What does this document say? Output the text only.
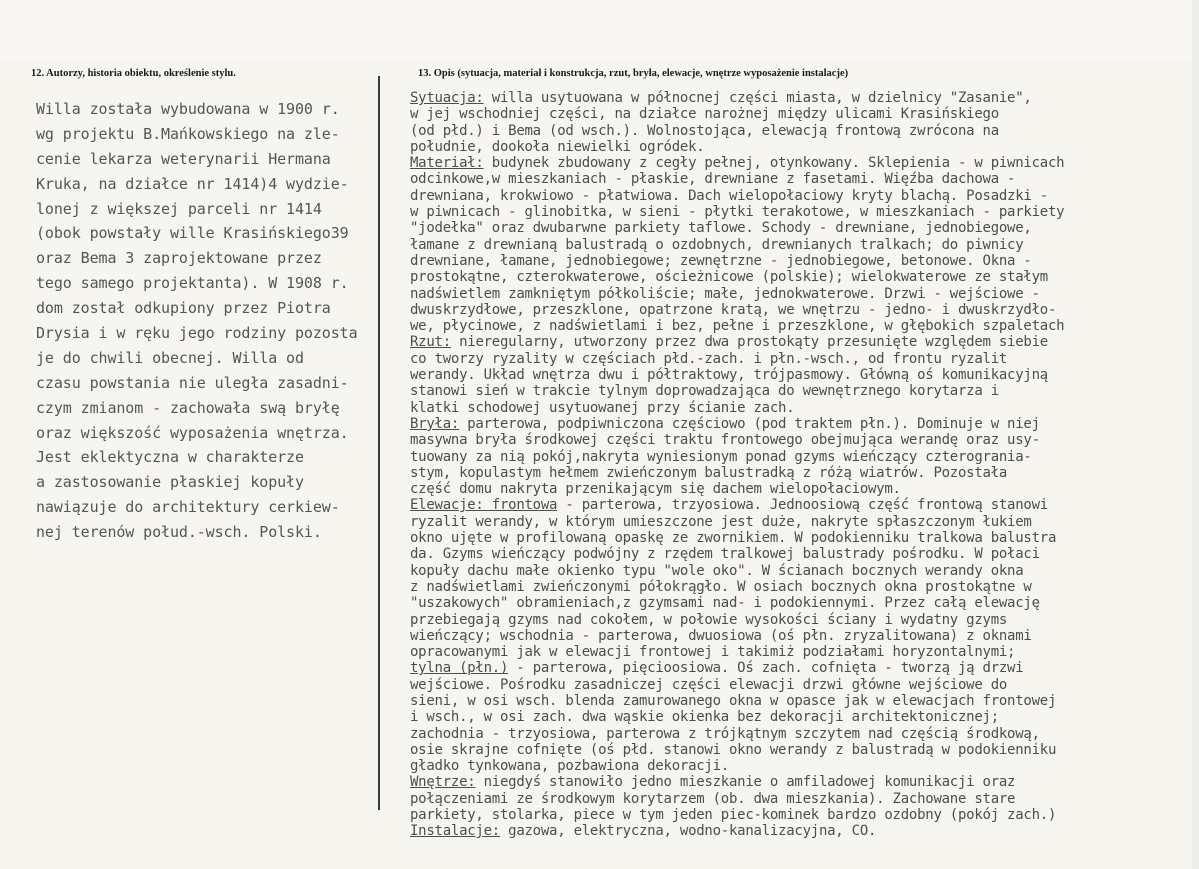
12. Autorzy, historia obiektu, określenie stylu.	13. Opis (sytuacja, materiał i konstrukcja, rzut, bryła, elewacje, wnętrze wyposażenie instalacje)
Willa została wybudowana w 1900 r.
wg projektu B.Mańkowskiego na zle-
cenie lekarza weterynarii Hermana
Kruka, na działce nr 1414)4 wydzie-
lonej z większej parceli nr 1414
(obok powstały wille Krasińskiego39
oraz Bema 3 zaprojektowane przez
tego samego projektanta). W 1908 r.
dom został odkupiony przez Piotra
Drysia i w ręku jego rodziny pozosta
je do chwili obecnej. Willa od
czasu powstania nie uległa zasadni-
czym zmianom - zachowała swą bryłę
oraz większość wyposażenia wnętrza.
Jest eklektyczna w charakterze
a zastosowanie płaskiej kopuły
nawiązuje do architektury cerkiew-
nej terenów połud.-wsch. Polski.
Sytuacja: willa usytuowana w północnej części miasta, w dzielnicy "Zasanie",
w jej wschodniej części, na działce narożnej między ulicami Krasińskiego
(od płd.) i Bema (od wsch.). Wolnostojąca, elewacją frontową zwrócona na
południe, dookoła niewielki ogródek.
Materiał: budynek zbudowany z cegły pełnej, otynkowany. Sklepienia - w piwnicach
odcinkowe,w mieszkaniach - płaskie, drewniane z fasetami. Więźba dachowa -
drewniana, krokwiowo - płatwiowa. Dach wielopołaciowy kryty blachą. Posadzki -
w piwnicach - glinobitka, w sieni - płytki terakotowe, w mieszkaniach - parkiety
"jodełka" oraz dwubarwne parkiety taflowe. Schody - drewniane, jednobiegowe,
łamane z drewnianą balustradą o ozdobnych, drewnianych tralkach; do piwnicy
drewniane, łamane, jednobiegowe; zewnętrzne - jednobiegowe, betonowe. Okna -
prostokątne, czterokwaterowe, ościeżnicowe (polskie); wielokwaterowe ze stałym
nadświetlem zamkniętym półkoliście; małe, jednokwaterowe. Drzwi - wejściowe -
dwuskrzydłowe, przeszklone, opatrzone kratą, we wnętrzu - jedno- i dwuskrzydło-
we, płycinowe, z nadświetlami i bez, pełne i przeszklone, w głębokich szpaletach
Rzut: nieregularny, utworzony przez dwa prostokąty przesunięte względem siebie
co tworzy ryzality w częściach płd.-zach. i płn.-wsch., od frontu ryzalit
werandy. Układ wnętrza dwu i półtraktowy, trójpasmowy. Główną oś komunikacyjną
stanowi sień w trakcie tylnym doprowadzająca do wewnętrznego korytarza i
klatki schodowej usytuowanej przy ścianie zach.
Bryła: parterowa, podpiwniczona częściowo (pod traktem płn.). Dominuje w niej
masywna bryła środkowej części traktu frontowego obejmująca werandę oraz usy-
tuowany za nią pokój,nakryta wyniesionym ponad gzyms wieńczący czterograniа-
stym, kopulastym hełmem zwieńczonym balustradką z różą wiatrów. Pozostała
część domu nakryta przenikającym się dachem wielopołaciowym.
Elewacje: frontowa - parterowa, trzyosiowa. Jednoosiową część frontową stanowi
ryzalit werandy, w którym umieszczone jest duże, nakryte spłaszczonym łukiem
okno ujęte w profilowaną opaskę ze zwornikiem. W podokienniku tralkowa balustra
da. Gzyms wieńczący podwójny z rzędem tralkowej balustrady pośrodku. W połaci
kopuły dachu małe okienko typu "wole oko". W ścianach bocznych werandy okna
z nadświetlami zwieńczonymi półokrągło. W osiach bocznych okna prostokątne w
"uszakowych" obramieniach,z gzymsami nad- i podokiennymi. Przez całą elewację
przebiegają gzyms nad cokołem, w połowie wysokości ściany i wydatny gzyms
wieńczący; wschodnia - parterowa, dwuosiowa (oś płn. zryzalitowana) z oknami
opracowanymi jak w elewacji frontowej i takimiż podziałami horyzontalnymi;
tylna (płn.) - parterowa, pięcioosiowa. Oś zach. cofnięta - tworzą ją drzwi
wejściowe. Pośrodku zasadniczej części elewacji drzwi główne wejściowe do
sieni, w osi wsch. blenda zamurowanego okna w opasce jak w elewacjach frontowej
i wsch., w osi zach. dwa wąskie okienka bez dekoracji architektonicznej;
zachodnia - trzyosiowa, parterowa z trójkątnym szczytem nad częścią środkową,
osie skrajne cofnięte (oś płd. stanowi okno werandy z balustradą w podokienniku
gładko tynkowana, pozbawiona dekoracji.
Wnętrze: niegdyś stanowiło jedno mieszkanie o amfiladowej komunikacji oraz
połączeniami ze środkowym korytarzem (ob. dwa mieszkania). Zachowane stare
parkiety, stolarka, piece w tym jeden piec-kominek bardzo ozdobny (pokój zach.)
Instalacje: gazowa, elektryczna, wodno-kanalizacyjna, CO.
